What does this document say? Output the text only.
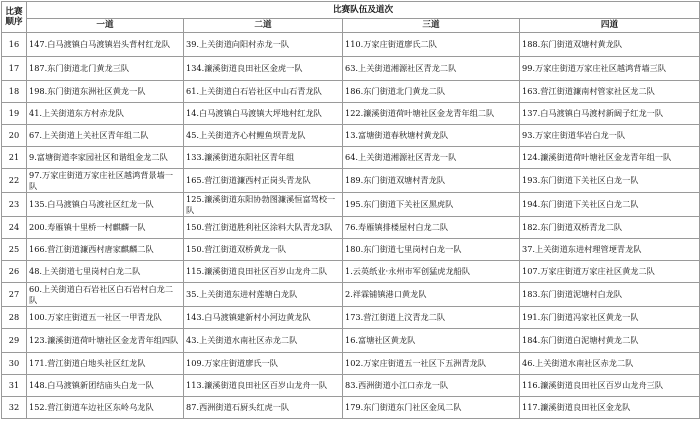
比赛顺序	比赛队伍及道次			
	一道	二道	三道	四道
16	147.白马渡镇白马渡镇岩头背村红龙队	39.上关街道向阳村赤龙一队	110.万家庄街道廖氏二队	188.东门街道双塘村黄龙队
17	187.东门街道北门黄龙三队	134.濂溪街道良田社区金虎一队	63.上关街道湘源社区青龙二队	99.万家庄街道万家庄社区越鸿背墙三队
18	198.东门街道东洲社区黄龙一队	61.上关街道白石岩社区中山石青龙队	186.东门街道北门黄龙二队	163.营江街道濂南村管家社区龙二队
19	41.上关街道东方村赤龙队	14.白马渡镇白马渡镇大坪地村红龙队	122.濂溪街道荷叶塘社区金龙青年组二队	137.白马渡镇白马渡村新阔子红龙一队
20	67.上关街道上关社区青年组二队	45.上关街道齐心村鲤鱼坝青龙队	13.富塘街道春秋塘村黄龙队	93.万家庄街道华岩白龙一队
21	9.富塘街道李家园社区和谐组金龙二队	133.濂溪街道东阳社区青年组	64.上关街道湘源社区青龙一队	124.濂溪街道荷叶塘社区金龙青年组一队
22	97.万家庄街道万家庄社区越鸿背景墙一队	165.营江街道濂西村正岗头青龙队	189.东门街道双塘村青龙队	193.东门街道下关社区白龙一队
23	135.白马渡镇白马渡社区红龙一队	125.濂溪街道东阳协勃图濂溪恒富驾校一队	195.东门街道下关社区黑虎队	194.东门街道下关社区白龙二队
24	200.寿雁镇十里桥一村麒麟一队	150.营江街道胜利社区涂料大队青龙3队	76.寿雁镇排楼屋村白龙二队	182.东门街道双桥青龙二队
25	166.营江街道濂西村唐家麒麟二队	150.营江街道双桥黄龙一队	180.东门街道七里岗村白龙一队	37.上关街道东进村理管埂青龙队
26	48.上关街道七里岗村白龙二队	115.濂溪街道良田社区百岁山龙舟二队	1.云英纸业·永州市军创猛虎龙船队	107.万家庄街道万家庄社区黄龙二队
27	60.上关街道白石岩社区白石岩村白龙二队	35.上关街道东进村莲塘白龙队	2.祥霖铺镇港口黄龙队	183.东门街道泥塘村白龙队
28	100.万家庄街道五一社区一甲青龙队	143.白马渡镇建新村小河边黄龙队	173.营江街道上汶青龙二队	191.东门街道冯家社区黄龙一队
29	123.濂溪街道荷叶塘社区金龙青年组四队	43.上关街道水南社区赤龙二队	16.富塘社区黄龙队	184.东门街道白泥塘村黄龙二队
30	171.营江街道白地头社区红龙队	109.万家庄街道廖氏一队	102.万家庄街道五一社区下五洲青龙队	46.上关街道水南社区赤龙二队
31	148.白马渡镇新团结庙头白龙一队	113.濂溪街道良田社区百岁山龙舟一队	83.西洲街道小江口赤龙一队	116.濂溪街道良田社区百岁山龙舟三队
32	152.营江街道车边社区东岭乌龙队	87.西洲街道石厨头红虎一队	179.东门街道东门社区金凤二队	117.濂溪街道良田社区金龙队
